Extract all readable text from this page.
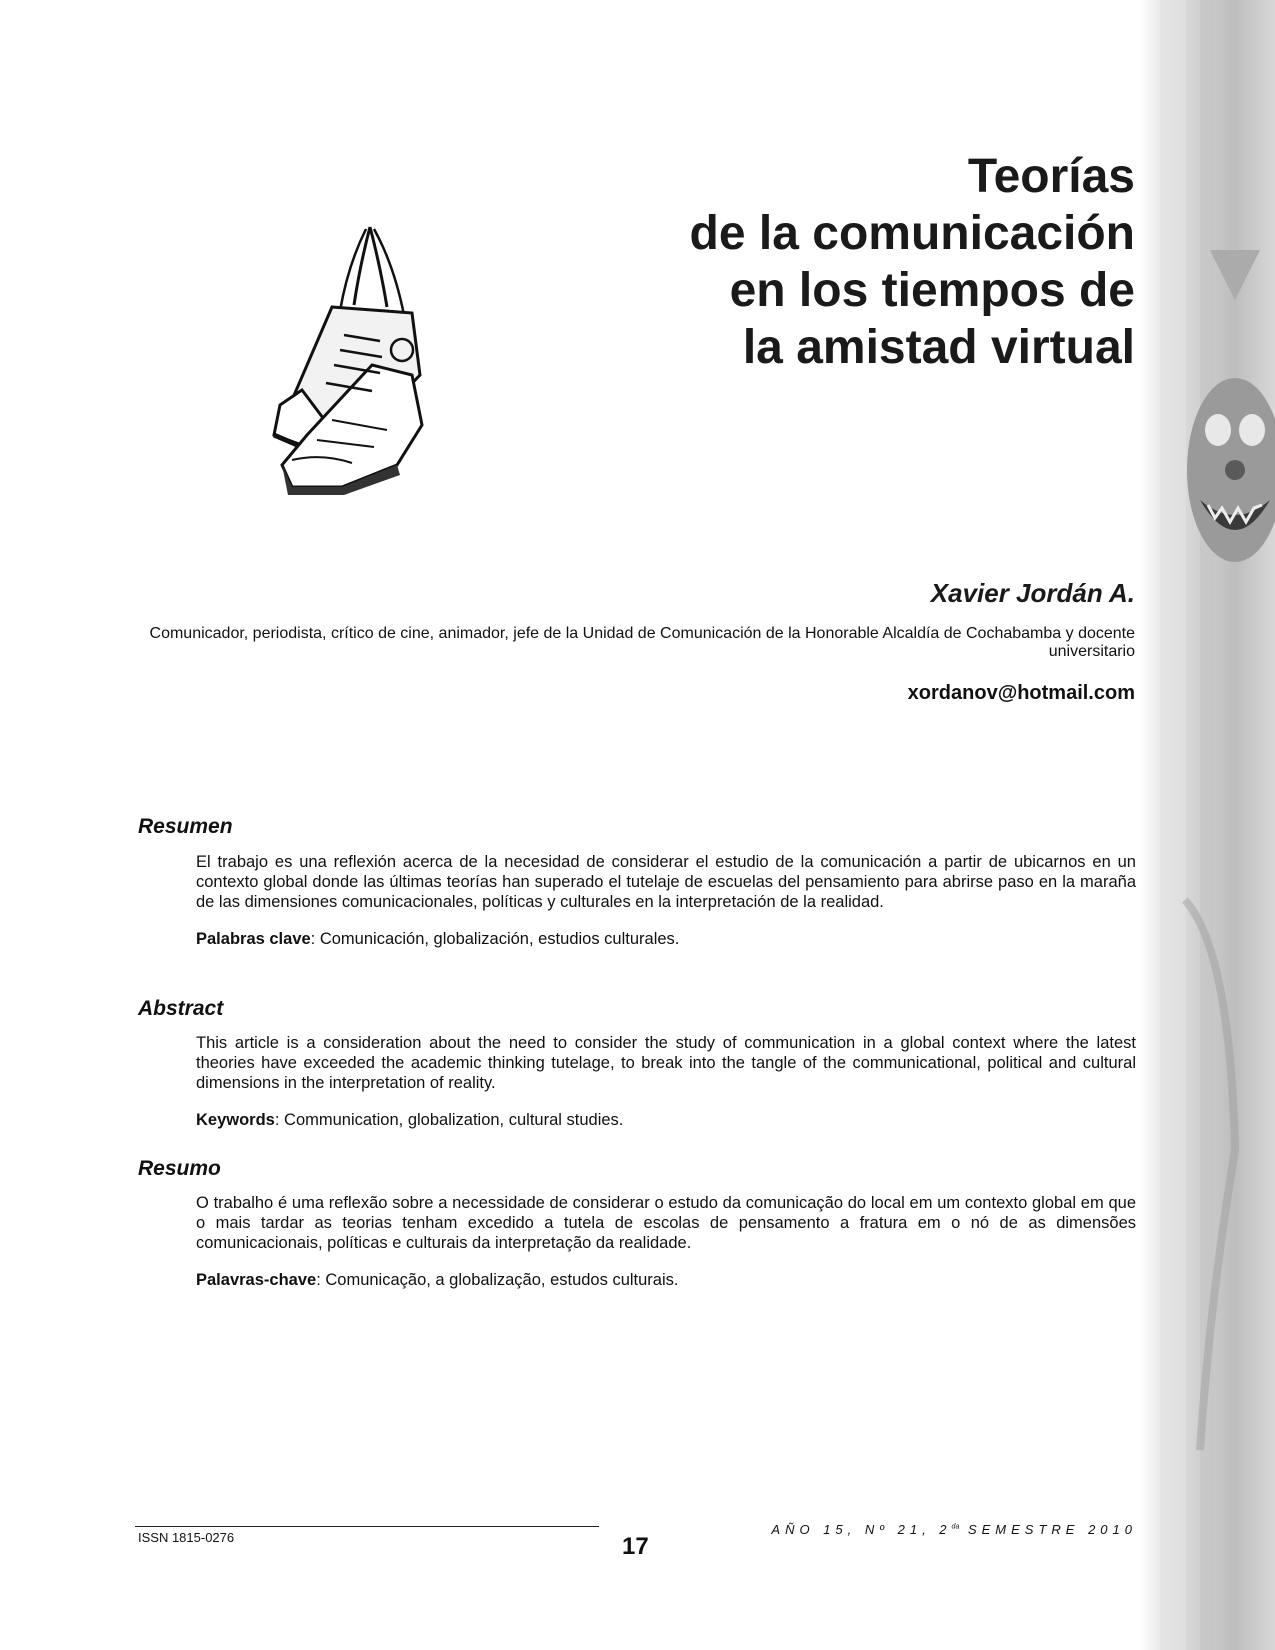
Teorías
de la comunicación
en los tiempos de
la amistad virtual
Xavier Jordán A.
Comunicador, periodista, crítico de cine, animador, jefe de la Unidad de Comunicación de la Honorable Alcaldía de Cochabamba y docente universitario
xordanov@hotmail.com
Resumen

El trabajo es una reflexión acerca de la necesidad de considerar el estudio de la comunicación a partir de ubicarnos en un contexto global donde las últimas teorías han superado el tutelaje de escuelas del pensamiento para abrirse paso en la maraña de las dimensiones comunicacionales, políticas y culturales en la interpretación de la realidad.

Palabras clave: Comunicación, globalización, estudios culturales.

Abstract

This article is a consideration about the need to consider the study of communication in a global context where the latest theories have exceeded the academic thinking tutelage, to break into the tangle of the communicational, political and cultural dimensions in the interpretation of reality.

Keywords: Communication, globalization, cultural studies.

Resumo

O trabalho é uma reflexão sobre a necessidade de considerar o estudo da comunicação do local em um contexto global em que o mais tardar as teorias tenham excedido a tutela de escolas de pensamento a fratura em o nó de as dimensões comunicacionais, políticas e culturais da interpretação da realidade.

Palavras-chave: Comunicação, a globalização, estudos culturais.

ISSN 1815-0276	17
AÑO 15, Nº 21, $2^{da}$ SEMESTRE 2010
